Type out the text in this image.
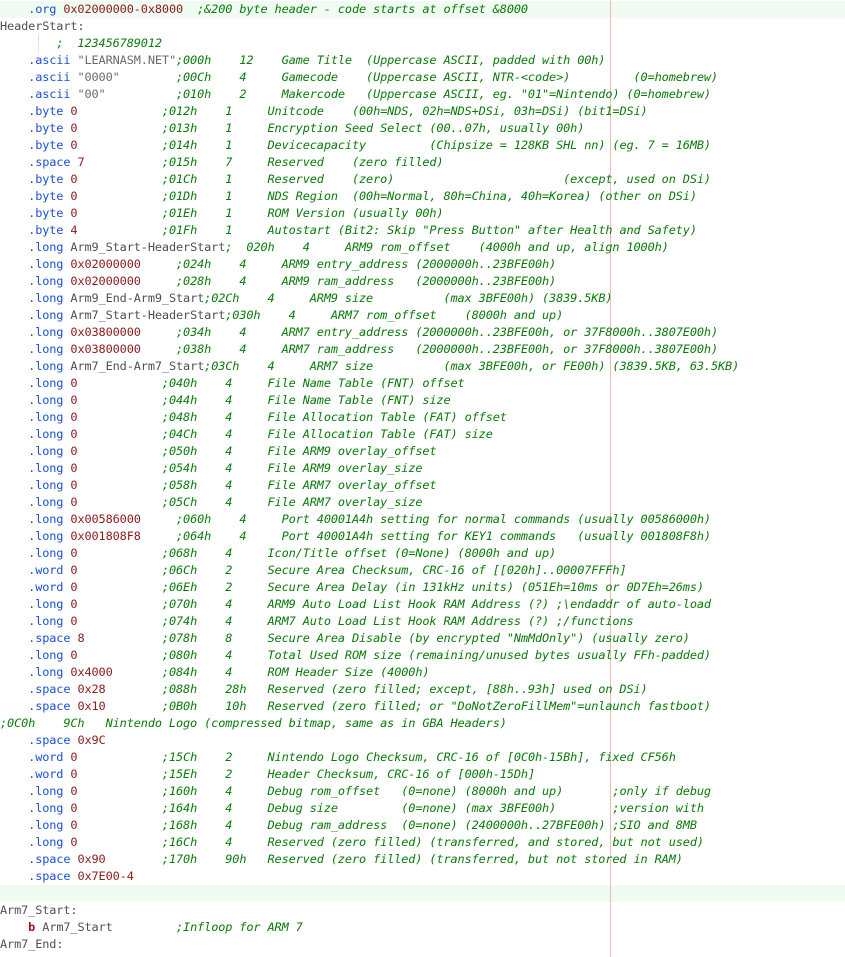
.org 0x02000000-0x8000 ;&200 byte header - code starts at offset &8000
HeaderStart:
;  123456789012
.ascii "LEARNASM.NET";000h    12    Game Title  (Uppercase ASCII, padded with 00h)
.ascii "0000"	;00Ch    4     Gamecode    (Uppercase ASCII, NTR-<code>)         (0=homebrew)
.ascii "00"	;010h    2     Makercode   (Uppercase ASCII, eg. "01"=Nintendo) (0=homebrew)
.byte 0	;012h    1     Unitcode    (00h=NDS, 02h=NDS+DSi, 03h=DSi) (bit1=DSi)
.byte 0	;013h    1     Encryption Seed Select (00..07h, usually 00h)
.byte 0	;014h    1     Devicecapacity         (Chipsize = 128KB SHL nn) (eg. 7 = 16MB)
.space 7	;015h    7     Reserved    (zero filled)
.byte 0	;01Ch    1     Reserved    (zero)                        (except, used on DSi)
.byte 0	;01Dh    1     NDS Region  (00h=Normal, 80h=China, 40h=Korea) (other on DSi)
.byte 0	;01Eh    1     ROM Version (usually 00h)
.byte 4	;01Fh    1     Autostart (Bit2: Skip "Press Button" after Health and Safety)
.long Arm9_Start-HeaderStart;  020h    4     ARM9 rom_offset    (4000h and up, align 1000h)
.long 0x02000000	;024h    4     ARM9 entry_address (2000000h..23BFE00h)
.long 0x02000000	;028h    4     ARM9 ram_address   (2000000h..23BFE00h)
.long Arm9_End-Arm9_Start;02Ch    4     ARM9 size          (max 3BFE00h) (3839.5KB)
.long Arm7_Start-HeaderStart;030h    4     ARM7 rom_offset    (8000h and up)
.long 0x03800000	;034h    4     ARM7 entry_address (2000000h..23BFE00h, or 37F8000h..3807E00h)
.long 0x03800000	;038h    4     ARM7 ram_address   (2000000h..23BFE00h, or 37F8000h..3807E00h)
.long Arm7_End-Arm7_Start;03Ch    4     ARM7 size          (max 3BFE00h, or FE00h) (3839.5KB, 63.5KB)
.long 0	;040h    4     File Name Table (FNT) offset
.long 0	;044h    4     File Name Table (FNT) size
.long 0	;048h    4     File Allocation Table (FAT) offset
.long 0	;04Ch    4     File Allocation Table (FAT) size
.long 0	;050h    4     File ARM9 overlay_offset
.long 0	;054h    4     File ARM9 overlay_size
.long 0	;058h    4     File ARM7 overlay_offset
.long 0	;05Ch    4     File ARM7 overlay_size
.long 0x00586000	;060h    4     Port 40001A4h setting for normal commands (usually 00586000h)
.long 0x001808F8	;064h    4     Port 40001A4h setting for KEY1 commands   (usually 001808F8h)
.long 0	;068h    4     Icon/Title offset (0=None) (8000h and up)
.word 0	;06Ch    2     Secure Area Checksum, CRC-16 of [[020h]..00007FFFh]
.word 0	;06Eh    2     Secure Area Delay (in 131kHz units) (051Eh=10ms or 0D7Eh=26ms)
.long 0	;070h    4     ARM9 Auto Load List Hook RAM Address (?) ;\endaddr of auto-load
.long 0	;074h    4     ARM7 Auto Load List Hook RAM Address (?) ;/functions
.space 8	;078h    8     Secure Area Disable (by encrypted "NmMdOnly") (usually zero)
.long 0	;080h    4     Total Used ROM size (remaining/unused bytes usually FFh-padded)
.long 0x4000	;084h    4     ROM Header Size (4000h)
.space 0x28	;088h    28h   Reserved (zero filled; except, [88h..93h] used on DSi)
.space 0x10	;0B0h    10h   Reserved (zero filled; or "DoNotZeroFillMem"=unlaunch fastboot)
;0C0h    9Ch   Nintendo Logo (compressed bitmap, same as in GBA Headers)
.space 0x9C
.word 0	;15Ch    2     Nintendo Logo Checksum, CRC-16 of [0C0h-15Bh], fixed CF56h
.word 0	;15Eh    2     Header Checksum, CRC-16 of [000h-15Dh]
.long 0	;160h    4     Debug rom_offset   (0=none) (8000h and up)       ;only if debug
.long 0	;164h    4     Debug size         (0=none) (max 3BFE00h)        ;version with
.long 0	;168h    4     Debug ram_address  (0=none) (2400000h..27BFE00h) ;SIO and 8MB
.long 0	;16Ch    4     Reserved (zero filled) (transferred, and stored, but not used)
.space 0x90	;170h    90h   Reserved (zero filled) (transferred, but not stored in RAM)
.space 0x7E00-4

Arm7_Start:
b Arm7_Start	;Infloop for ARM 7
Arm7_End:
